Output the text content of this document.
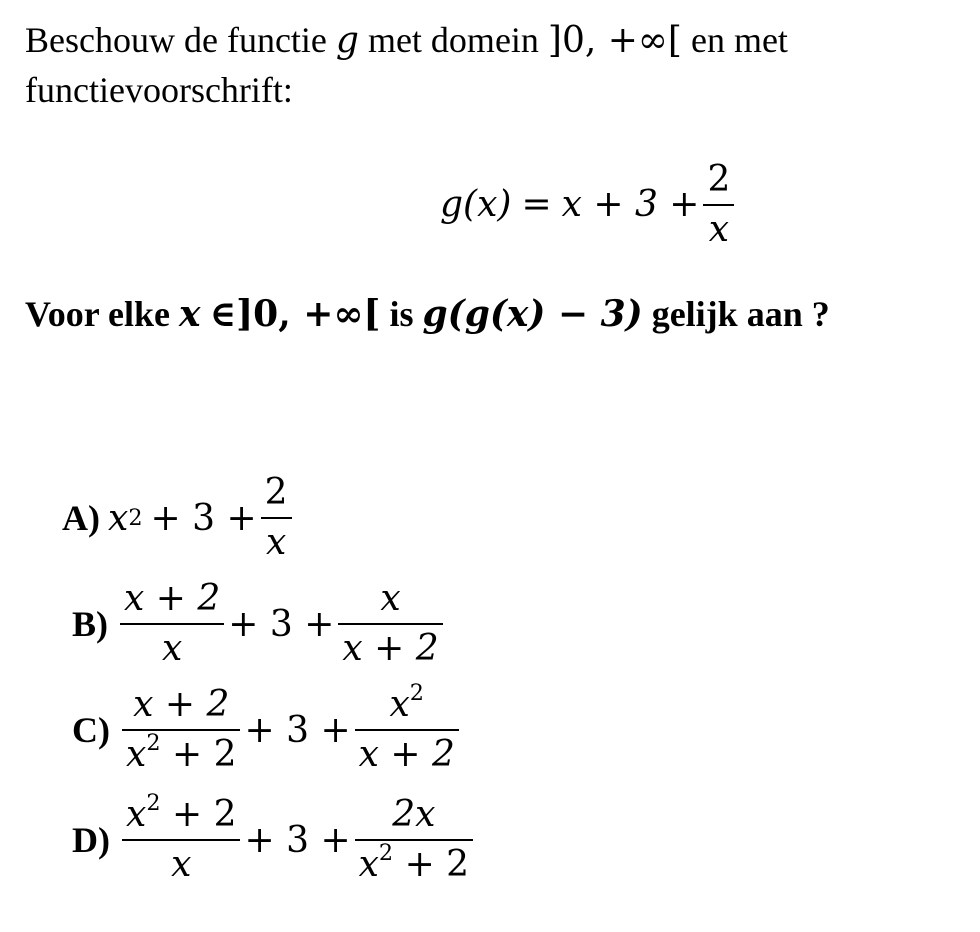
Beschouw de functie g met domein ]0, +∞[ en met
functievoorschrift:
$g(x) = x + 3 + \frac{2}{x}$
Voor elke x ∈]0, +∞[ is g(g(x) − 3) gelijk aan ?
A) x $2 + 3 + \frac{2}{x}$
$B) \frac{x + 2}{x} + 3 + \frac{x}{x + 2}$
$C) \frac{x + 2}{x^2 + 2} + 3 + \frac{x^2}{x + 2}$
$D) \frac{x^2 + 2}{x} + 3 + \frac{2x}{x^2 + 2}$
